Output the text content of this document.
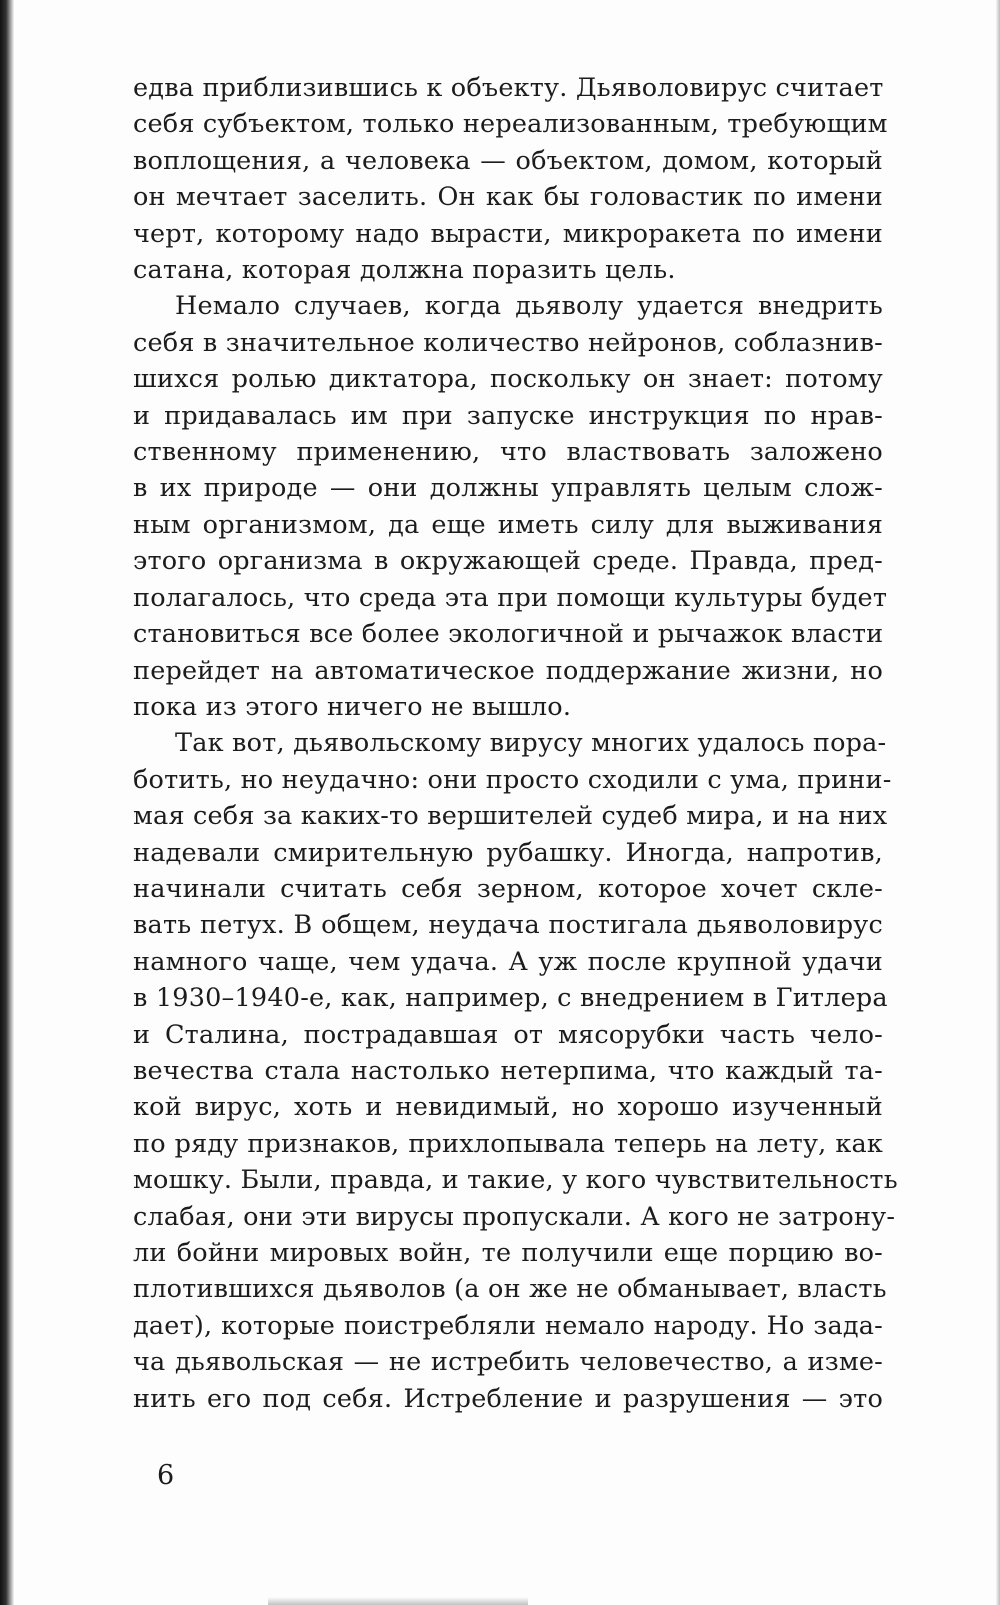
едва приблизившись к объекту. Дьяволовирус считает
себя субъектом, только нереализованным, требующим
воплощения, а человека — объектом, домом, который
он мечтает заселить. Он как бы головастик по имени
черт, которому надо вырасти, микроракета по имени
сатана, которая должна поразить цель.
Немало случаев, когда дьяволу удается внедрить
себя в значительное количество нейронов, соблазнив-
шихся ролью диктатора, поскольку он знает: потому
и придавалась им при запуске инструкция по нрав-
ственному применению, что властвовать заложено
в их природе — они должны управлять целым слож-
ным организмом, да еще иметь силу для выживания
этого организма в окружающей среде. Правда, пред-
полагалось, что среда эта при помощи культуры будет
становиться все более экологичной и рычажок власти
перейдет на автоматическое поддержание жизни, но
пока из этого ничего не вышло.
Так вот, дьявольскому вирусу многих удалось пора-
ботить, но неудачно: они просто сходили с ума, прини-
мая себя за каких-то вершителей судеб мира, и на них
надевали смирительную рубашку. Иногда, напротив,
начинали считать себя зерном, которое хочет скле-
вать петух. В общем, неудача постигала дьяволовирус
намного чаще, чем удача. А уж после крупной удачи
в 1930–1940-е, как, например, с внедрением в Гитлера
и Сталина, пострадавшая от мясорубки часть чело-
вечества стала настолько нетерпима, что каждый та-
кой вирус, хоть и невидимый, но хорошо изученный
по ряду признаков, прихлопывала теперь на лету, как
мошку. Были, правда, и такие, у кого чувствительность
слабая, они эти вирусы пропускали. А кого не затрону-
ли бойни мировых войн, те получили еще порцию во-
плотившихся дьяволов (а он же не обманывает, власть
дает), которые поистребляли немало народу. Но зада-
ча дьявольская — не истребить человечество, а изме-
нить его под себя. Истребление и разрушения — это
6
